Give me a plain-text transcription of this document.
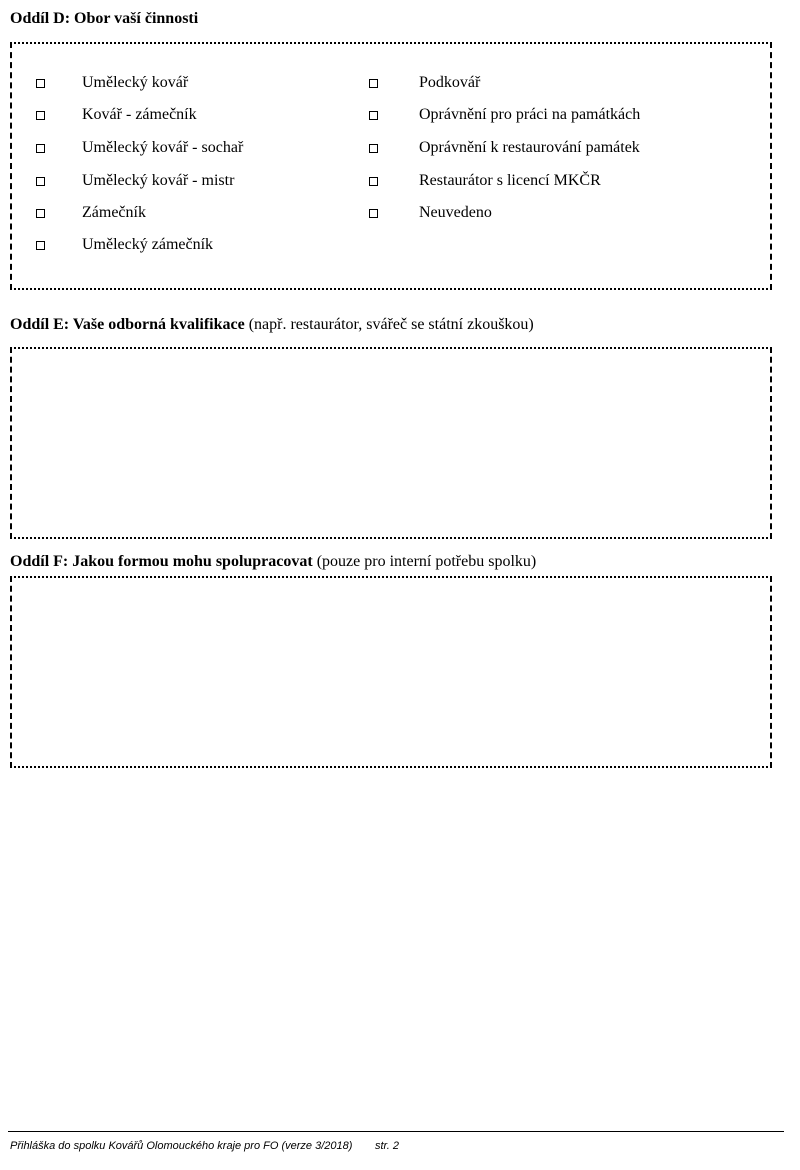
Oddíl D: Obor vaší činnosti
Umělecký kovář
Kovář - zámečník
Umělecký kovář - sochař
Umělecký kovář - mistr
Zámečník
Umělecký zámečník
Podkovář
Oprávnění pro práci na památkách
Oprávnění k restaurování památek
Restaurátor s licencí MKČR
Neuvedeno
Oddíl E: Vaše odborná kvalifikace (např. restaurátor, svářeč se státní zkouškou)
Oddíl F: Jakou formou mohu spolupracovat (pouze pro interní potřebu spolku)
Přihláška do spolku Kovářů Olomouckého kraje pro FO (verze 3/2018) str. 2
